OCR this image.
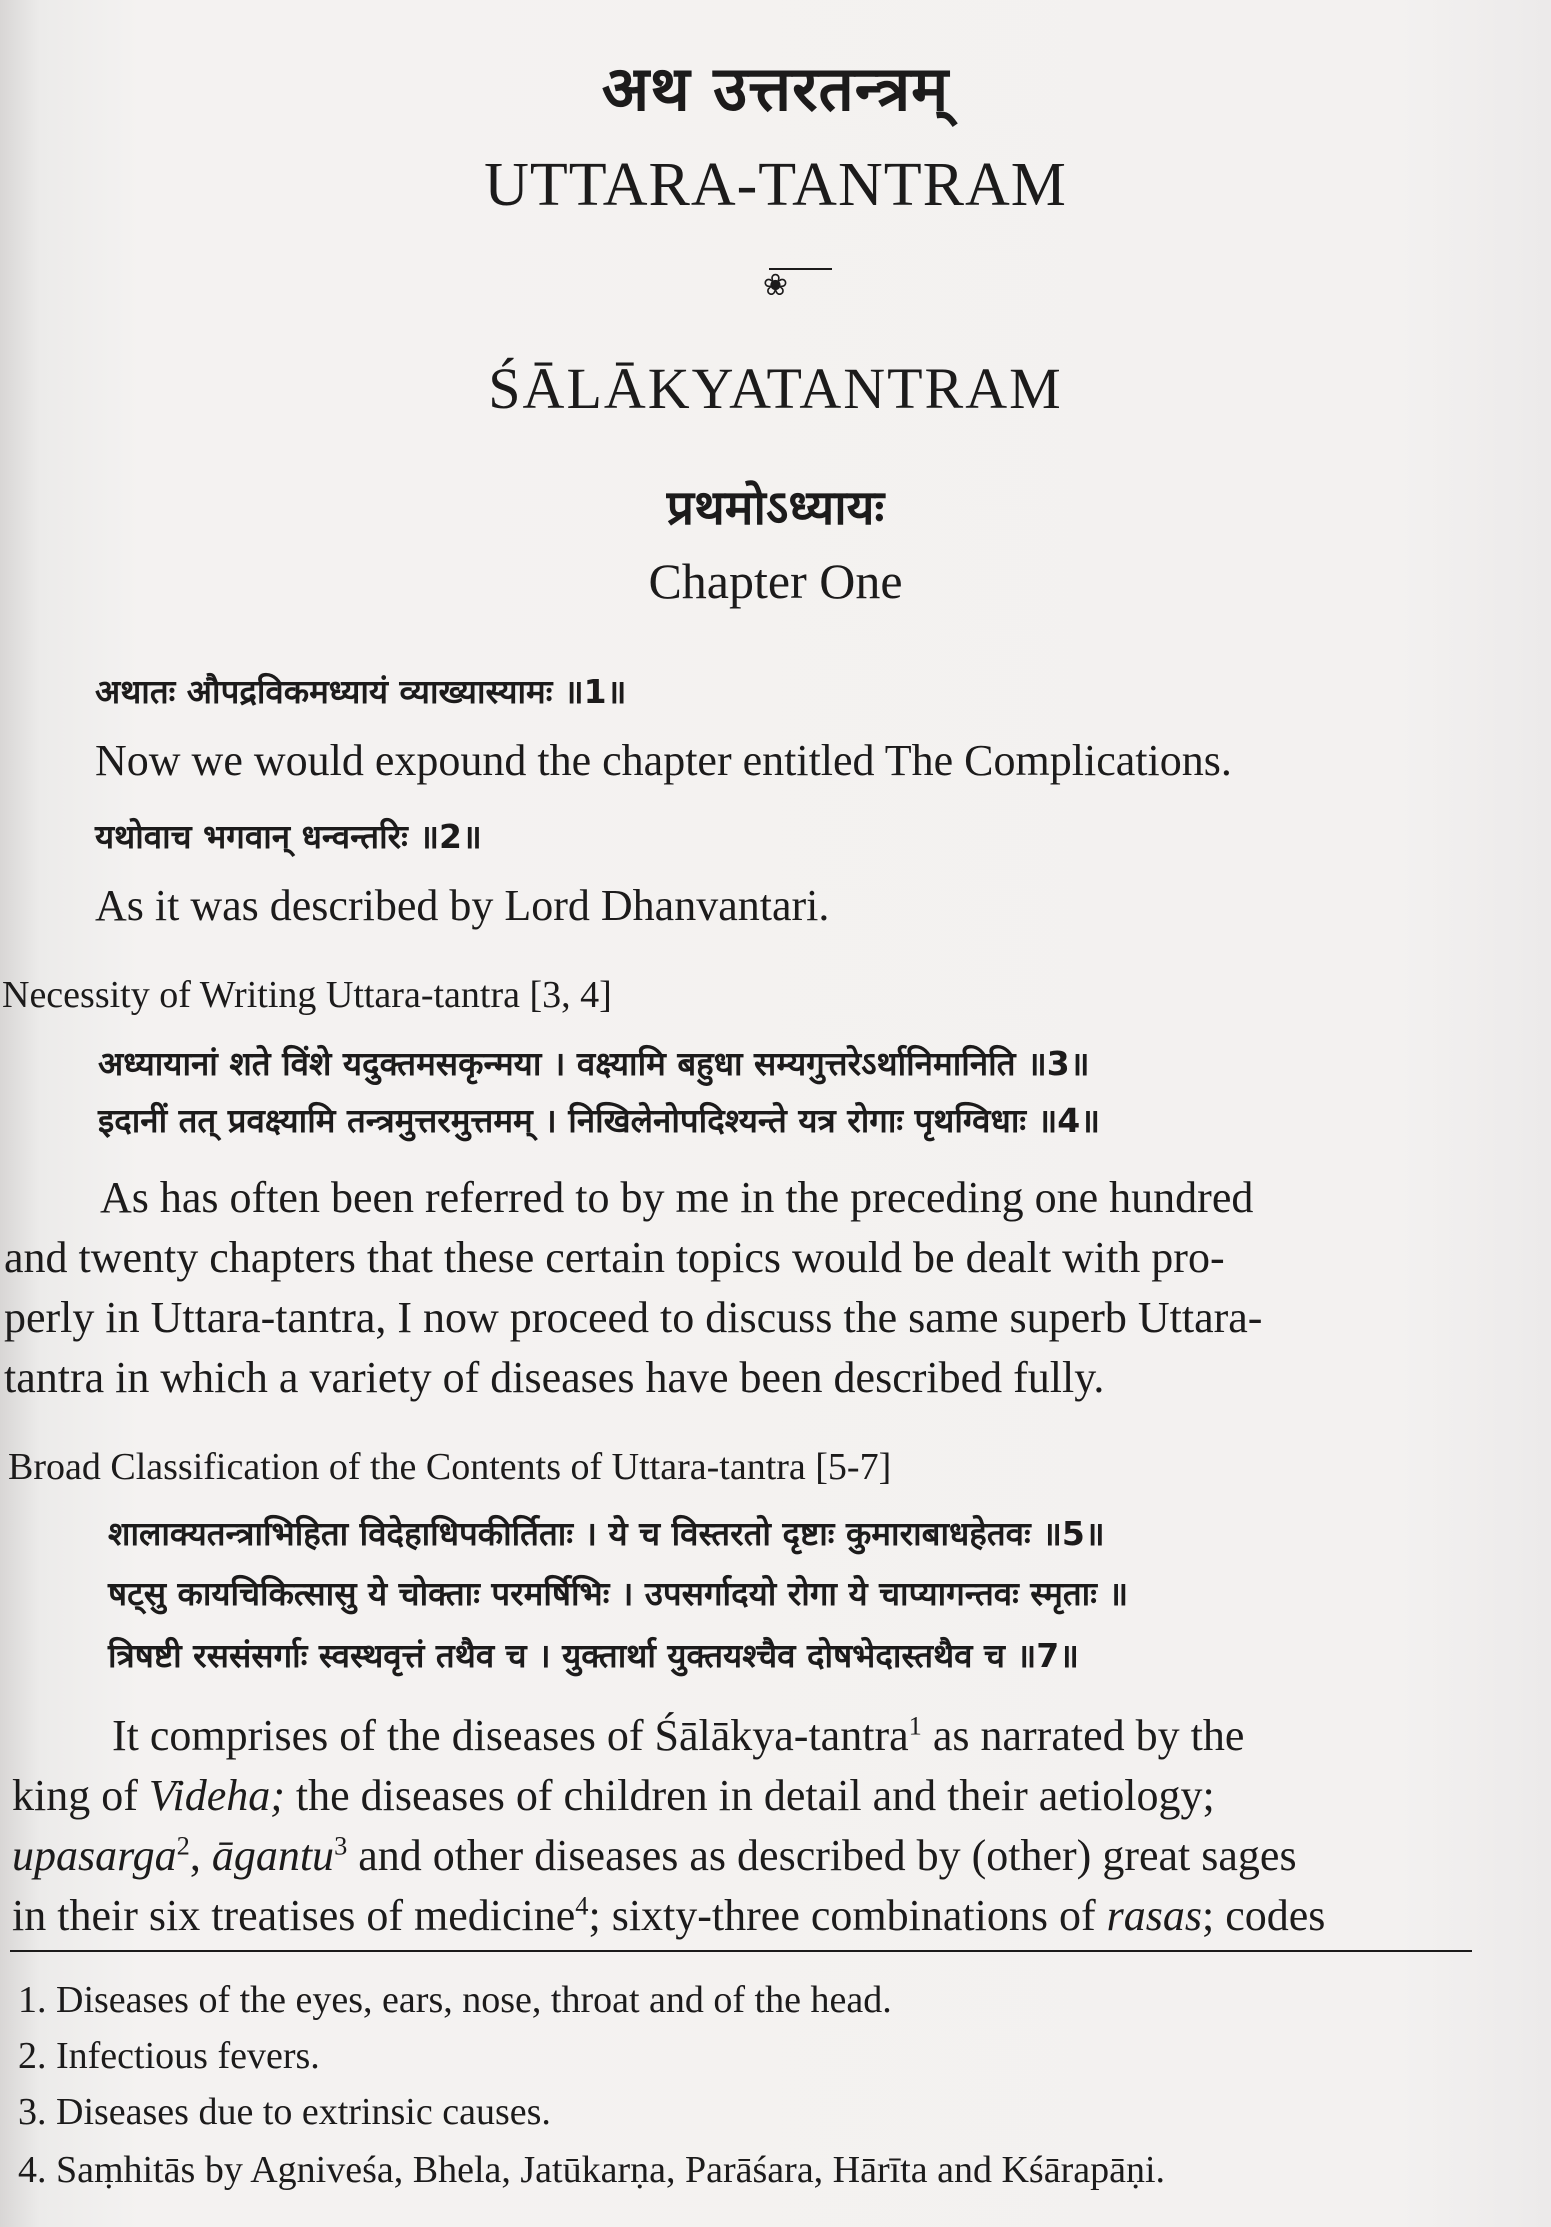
अथ उत्तरतन्त्रम्
UTTARA-TANTRAM
❀
ŚĀLĀKYATANTRAM
प्रथमोऽध्यायः
Chapter One
अथातः औपद्रविकमध्यायं व्याख्यास्यामः ॥1॥
Now we would expound the chapter entitled The Complications.
यथोवाच भगवान् धन्वन्तरिः ॥2॥
As it was described by Lord Dhanvantari.
Necessity of Writing Uttara-tantra [3, 4]
अध्यायानां शते विंशे यदुक्तमसकृन्मया । वक्ष्यामि बहुधा सम्यगुत्तरेऽर्थानिमानिति ॥3॥
इदानीं तत् प्रवक्ष्यामि तन्त्रमुत्तरमुत्तमम् । निखिलेनोपदिश्यन्ते यत्र रोगाः पृथग्विधाः ॥4॥
As has often been referred to by me in the preceding one hundred
and twenty chapters that these certain topics would be dealt with pro-
perly in Uttara-tantra, I now proceed to discuss the same superb Uttara-
tantra in which a variety of diseases have been described fully.
Broad Classification of the Contents of Uttara-tantra [5-7]
शालाक्यतन्त्राभिहिता विदेहाधिपकीर्तिताः । ये च विस्तरतो दृष्टाः कुमाराबाधहेतवः ॥5॥
षट्सु कायचिकित्सासु ये चोक्ताः परमर्षिभिः । उपसर्गादयो रोगा ये चाप्यागन्तवः स्मृताः ॥
त्रिषष्टी रससंसर्गाः स्वस्थवृत्तं तथैव च । युक्तार्था युक्तयश्चैव दोषभेदास्तथैव च ॥7॥
It comprises of the diseases of Śālākya-tantra$^1$ as narrated by the
king of Videha; the diseases of children in detail and their aetiology;
upasarga$^2$, āgantu$^3$ and other diseases as described by (other) great sages
in their six treatises of medicine$^4$; sixty-three combinations of rasas; codes
1. Diseases of the eyes, ears, nose, throat and of the head.
2. Infectious fevers.
3. Diseases due to extrinsic causes.
4. Saṃhitās by Agniveśa, Bhela, Jatūkarṇa, Parāśara, Hārīta and Kśārapāṇi.
